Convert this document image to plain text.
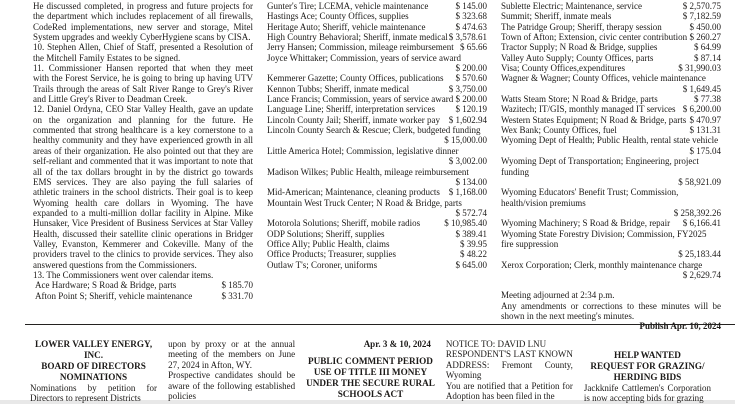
He discussed completed, in progress and future projects for the department which includes replacement of all firewalls, CodeRed implementations, new server and storage, Mitel System upgrades and weekly CyberHygiene scans by CISA.

10. Stephen Allen, Chief of Staff, presented a Resolution of the Mitchell Family Estates to be signed.

11. Commissioner Hansen reported that when they meet with the Forest Service, he is going to bring up having UTV Trails through the areas of Salt River Range to Grey's River and Little Grey's River to Deadman Creek.

12. Daniel Ordyna, CEO Star Valley Health, gave an update on the organization and planning for the future. He commented that strong healthcare is a key cornerstone to a healthy community and they have experienced growth in all areas of their organization. He also pointed out that they are self-reliant and commented that it was important to note that all of the tax dollars brought in by the district go towards EMS services. They are also paying the full salaries of athletic trainers in the school districts. Their goal is to keep Wyoming health care dollars in Wyoming. The have expanded to a multi-million dollar facility in Alpine. Mike Hunsaker, Vice President of Business Services at Star Valley Health, discussed their satellite clinic operations in Bridger Valley, Evanston, Kemmerer and Cokeville. Many of the providers travel to the clinics to provide services. They also answered questions from the Commissioners.

13. The Commissioners went over calendar items.

Ace Hardware; S Road & Bridge, parts	$ 185.70
Afton Point S; Sheriff, vehicle maintenance	$ 331.70
Gunter's Tire; LCEMA, vehicle maintenance	$ 145.00
Hastings Ace; County Offices, supplies	$ 323.68
Heritage Auto; Sheriff, vehicle maintenance	$ 474.63
High Country Behavioral; Sheriff, inmate medical $ 3,578.61
Jerry Hansen; Commission, mileage reimbursement $ 65.66
Joyce Whittaker; Commission, years of service award
$ 200.00
Kemmerer Gazette; County Offices, publications $ 570.60
Kennon Tubbs; Sheriff, inmate medical	$ 3,750.00
Lance Francis; Commission, years of service award $ 200.00
Language Line; Sheriff, interpretation services $ 120.19
Lincoln County Jail; Sheriff, inmate worker pay $ 1,602.94
Lincoln County Search & Rescue; Clerk, budgeted funding
$ 15,000.00
Little America Hotel; Commission, legislative dinner
$ 3,002.00
Madison Wilkes; Public Health, mileage reimbursement
$ 134.00
Mid-American; Maintenance, cleaning products $ 1,168.00
Mountain West Truck Center; N Road & Bridge, parts
$ 572.74
Motorola Solutions; Sheriff, mobile radios	$ 10,985.40
ODP Solutions; Sheriff, supplies	$ 389.41
Office Ally; Public Health, claims	$ 39.95
Office Products; Treasurer, supplies	$ 48.22
Outlaw T's; Coroner, uniforms	$ 645.00
Sublette Electric; Maintenance, service	$ 2,570.75
Summit; Sheriff, inmate meals	$ 7,182.59
The Patridge Group; Sheriff, therapy session	$ 450.00
Town of Afton; Extension, civic center contribution $ 260.27
Tractor Supply; N Road & Bridge, supplies	$ 64.99
Valley Auto Supply; County Offices, parts	$ 87.14
Visa; County Offices,expenditures	$ 31,990.03
Wagner & Wagner; County Offices, vehicle maintenance
$ 1,649.45
Watts Steam Store; N Road & Bridge, parts	$ 77.38
Wazitech; IT/GIS, monthly managed IT services $ 6,200.00
Western States Equipment; N Road & Bridge, parts $ 470.97
Wex Bank; County Offices, fuel	$ 131.31
Wyoming Dept of Health; Public Health, rental state vehicle
$ 175.04
Wyoming Dept of Transportation; Engineering, project funding
$ 58,921.09
Wyoming Educators' Benefit Trust; Commission, health/vision premiums
$ 258,392.26
Wyoming Machinery; S Road & Bridge, repair $ 6,166.41
Wyoming State Forestry Division; Commission, FY2025 fire suppression
$ 25,183.44
Xerox Corporation; Clerk, monthly maintenance charge
$ 2,629.74

Meeting adjourned at 2:34 p.m.

Any amendments or corrections to these minutes will be shown in the next meeting's minutes.

Publish Apr. 10, 2024

LOWER VALLEY ENERGY,
INC.
BOARD OF DIRECTORS
NOMINATIONS

Nominations by petition for Directors to represent Districts

upon by proxy or at the annual meeting of the members on June 27, 2024 in Afton, WY.

Prospective candidates should be aware of the following established policies

Apr. 3 & 10, 2024
PUBLIC COMMENT PERIOD
USE OF TITLE III MONEY
UNDER THE SECURE RURAL
SCHOOLS ACT

NOTICE TO: DAVID LNU

RESPONDENT'S LAST KNOWN ADDRESS: Fremont County, Wyoming

You are notified that a Petition for Adoption has been filed in the

HELP WANTED
REQUEST FOR GRAZING/
HERDING BIDS

Jackknife Cattlemen's Corporation is now accepting bids for grazing
